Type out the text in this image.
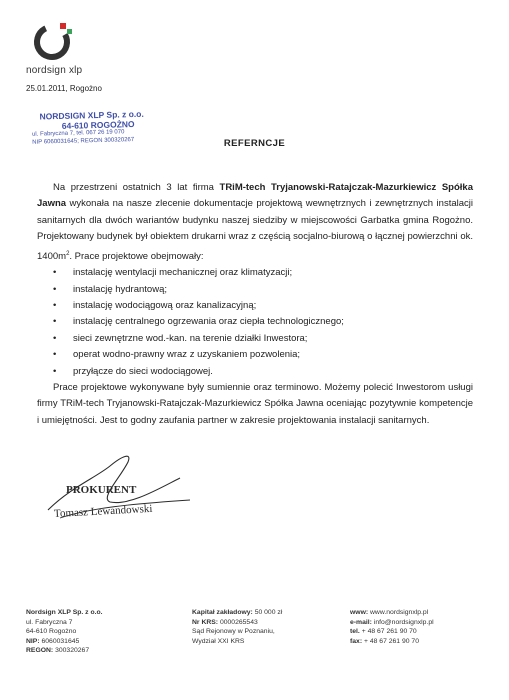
nordsign xlp
25.01.2011, Rogożno
NORDSIGN XLP Sp. z o.o.
64-610 ROGOŻNO
ul. Fabryczna 7, tel. 067 26 19 070
NIP 6060031645; REGON 300320267	REFERNCJE

Na przestrzeni ostatnich 3 lat firma TRiM-tech Tryjanowski-Ratajczak-Mazurkiewicz Spółka Jawna wykonała na nasze zlecenie dokumentacje projektową wewnętrznych i zewnętrznych instalacji sanitarnych dla dwóch wariantów budynku naszej siedziby w miejscowości Garbatka gmina Rogożno. Projektowany budynek był obiektem drukarni wraz z częścią socjalno-biurową o łącznej powierzchni ok. $1400m^2$. Prace projektowe obejmowały:

• instalację wentylacji mechanicznej oraz klimatyzacji;
• instalację hydrantową;
• instalację wodociągową oraz kanalizacyjną;
• instalację centralnego ogrzewania oraz ciepła technologicznego;
• sieci zewnętrzne wod.-kan. na terenie działki Inwestora;
• operat wodno-prawny wraz z uzyskaniem pozwolenia;
• przyłącze do sieci wodociągowej.

Prace projektowe wykonywane były sumiennie oraz terminowo. Możemy polecić Inwestorom usługi firmy TRiM-tech Tryjanowski-Ratajczak-Mazurkiewicz Spółka Jawna oceniając pozytywnie kompetencje i umiejętności. Jest to godny zaufania partner w zakresie projektowania instalacji sanitarnych.

PROKURENT
Tomasz Lewandowski
Nordsign XLP Sp. z o.o.
ul. Fabryczna 7
64-610 Rogożno
NIP: 6060031645
REGON: 300320267
Kapitał zakładowy: 50 000 zł
Nr KRS: 0000265543
Sąd Rejonowy w Poznaniu,
Wydział XXI KRS
www: www.nordsignxlp.pl
e-mail: info@nordsignxlp.pl
tel. + 48 67 261 90 70
fax: + 48 67 261 90 70
